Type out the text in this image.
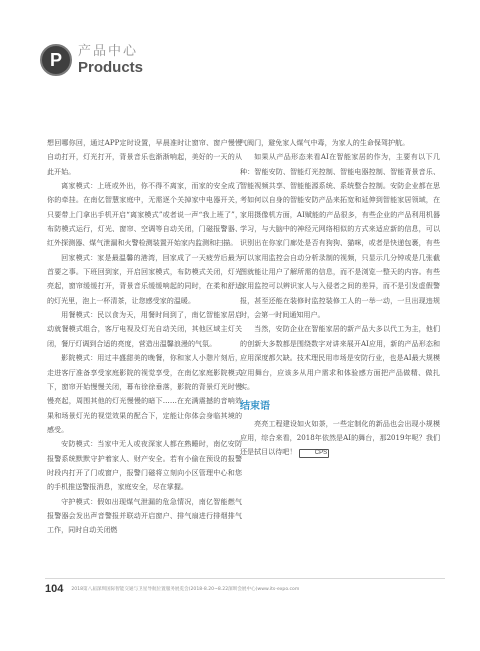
P 产品中心
Products

想回哪你回，通过APP定时设置，早晨准时让窗帘、窗户慢慢自动打开，灯光打开，背景音乐也渐渐响起，美好的一天的从此开始。

离家模式：上班或外出，你不得不离家，而家的安全成了你的牵挂。在南亿智慧家庭中，无需逐个关掉家中电器开关，只要带上门拿出手机开启“离家模式”或者说一声“我上班了”，布防模式运行，灯光、窗帘、空调等自动关闭，门磁报警器、红外探测器、煤气泄漏和火警检测装置开始家内监测和扫描。

回家模式：家是最温馨的港湾，回家成了一天疲劳后最为首要之事。下班回到家，开启回家模式，布防模式关闭，灯光亮起，窗帘缓缓打开，背景音乐缓缓响起的同时，在柔和舒适的灯光里，泡上一杯清茶，让您感受家的温暖。

用餐模式：民以食为天，用餐时间到了，南亿智能家居启动就餐模式组合，客厅电视及灯光自动关闭，其他区域主灯关闭，餐厅灯调到合适的亮度，营造出温馨浪漫的气氛。

影院模式：用过丰盛甜美的晚餐，你和家人小憩片刻后，走进客厅准备享受家庭影院的视觉享受，在南亿家庭影院模式下，窗帘开始慢慢关闭，幕布徐徐垂落，影院的背景灯光时慢慢亮起，周围其他的灯光慢慢的暗下……在充满震撼的音响效果和场景灯光的视觉效果的配合下，定能让你体会身临其境的感受。

安防模式：当家中无人或夜深家人都在熟睡时，南亿安防报警系统默默守护着家人、财产安全。若有小偷在预设的报警时段内打开了门或窗户，报警门磁将立刻向小区管理中心和您的手机推送警报消息，家庭安全，尽在掌握。

守护模式：假如出现煤气泄漏的危急情况，南亿智能燃气报警器会发出声音警报并联动开启窗户、排气扇进行排烟排气工作，同时自动关闭燃

气阀门，避免家人煤气中毒，为家人的生命保驾护航。

如果从产品形态来看AI在智能家居的作为，主要有以下几种：智能安防、智能灯光控制、智能电器控制、智能背景音乐、智能视频共享、智能能源系统、系统整合控制。安防企业都在思考如何以自身的智能安防产品来拓宽和延伸到智能家居领域，在家用摄像机方面，AI赋能的产品很多，有些企业的产品利用机器学习，与大脑中的神经元网络相似的方式来适应新的信息，可以识别出在你家门廊处是否有狗狗、猫咪，或者是快递包裹，有些可以家用监控会自动分析录制的视频，只显示几分钟或是几张截图就能让用户了解所需的信息，而不是浏览一整天的内容。有些家用监控可以辨识家人与入侵者之间的差异，而不是引发虚假警报，甚至还能在装修时监控装修工人的一举一动，一旦出现违规时，会第一时间通知用户。

当然，安防企业在智能家居的新产品大多以代工为主，他们的创新大多数都是围绕数字对讲来展开AI应用，新的产品形态和应用深度都欠缺。技术理民用市场是安防行业，也是AI最大规模应用舞台，应该多从用户需求和体验感方面把产品做精、做扎实。

结束语

亮亮工程建设如火如荼，一些定制化的新品也会出现小规模应用，综合来看，2018年依然是AI的舞台，那2019年呢？我们还是拭目以待吧！	CPS

104 2018第八届深圳国际智能交通与卫星导航位置服务展览会(2018-8.20~8.22深圳会展中心)www.its-expo.com
